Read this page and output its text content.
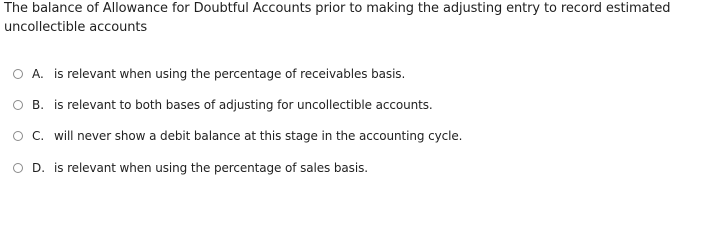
The balance of Allowance for Doubtful Accounts prior to making the adjusting entry to record estimated uncollectible accounts
A. is relevant when using the percentage of receivables basis.
B. is relevant to both bases of adjusting for uncollectible accounts.
C. will never show a debit balance at this stage in the accounting cycle.
D. is relevant when using the percentage of sales basis.
